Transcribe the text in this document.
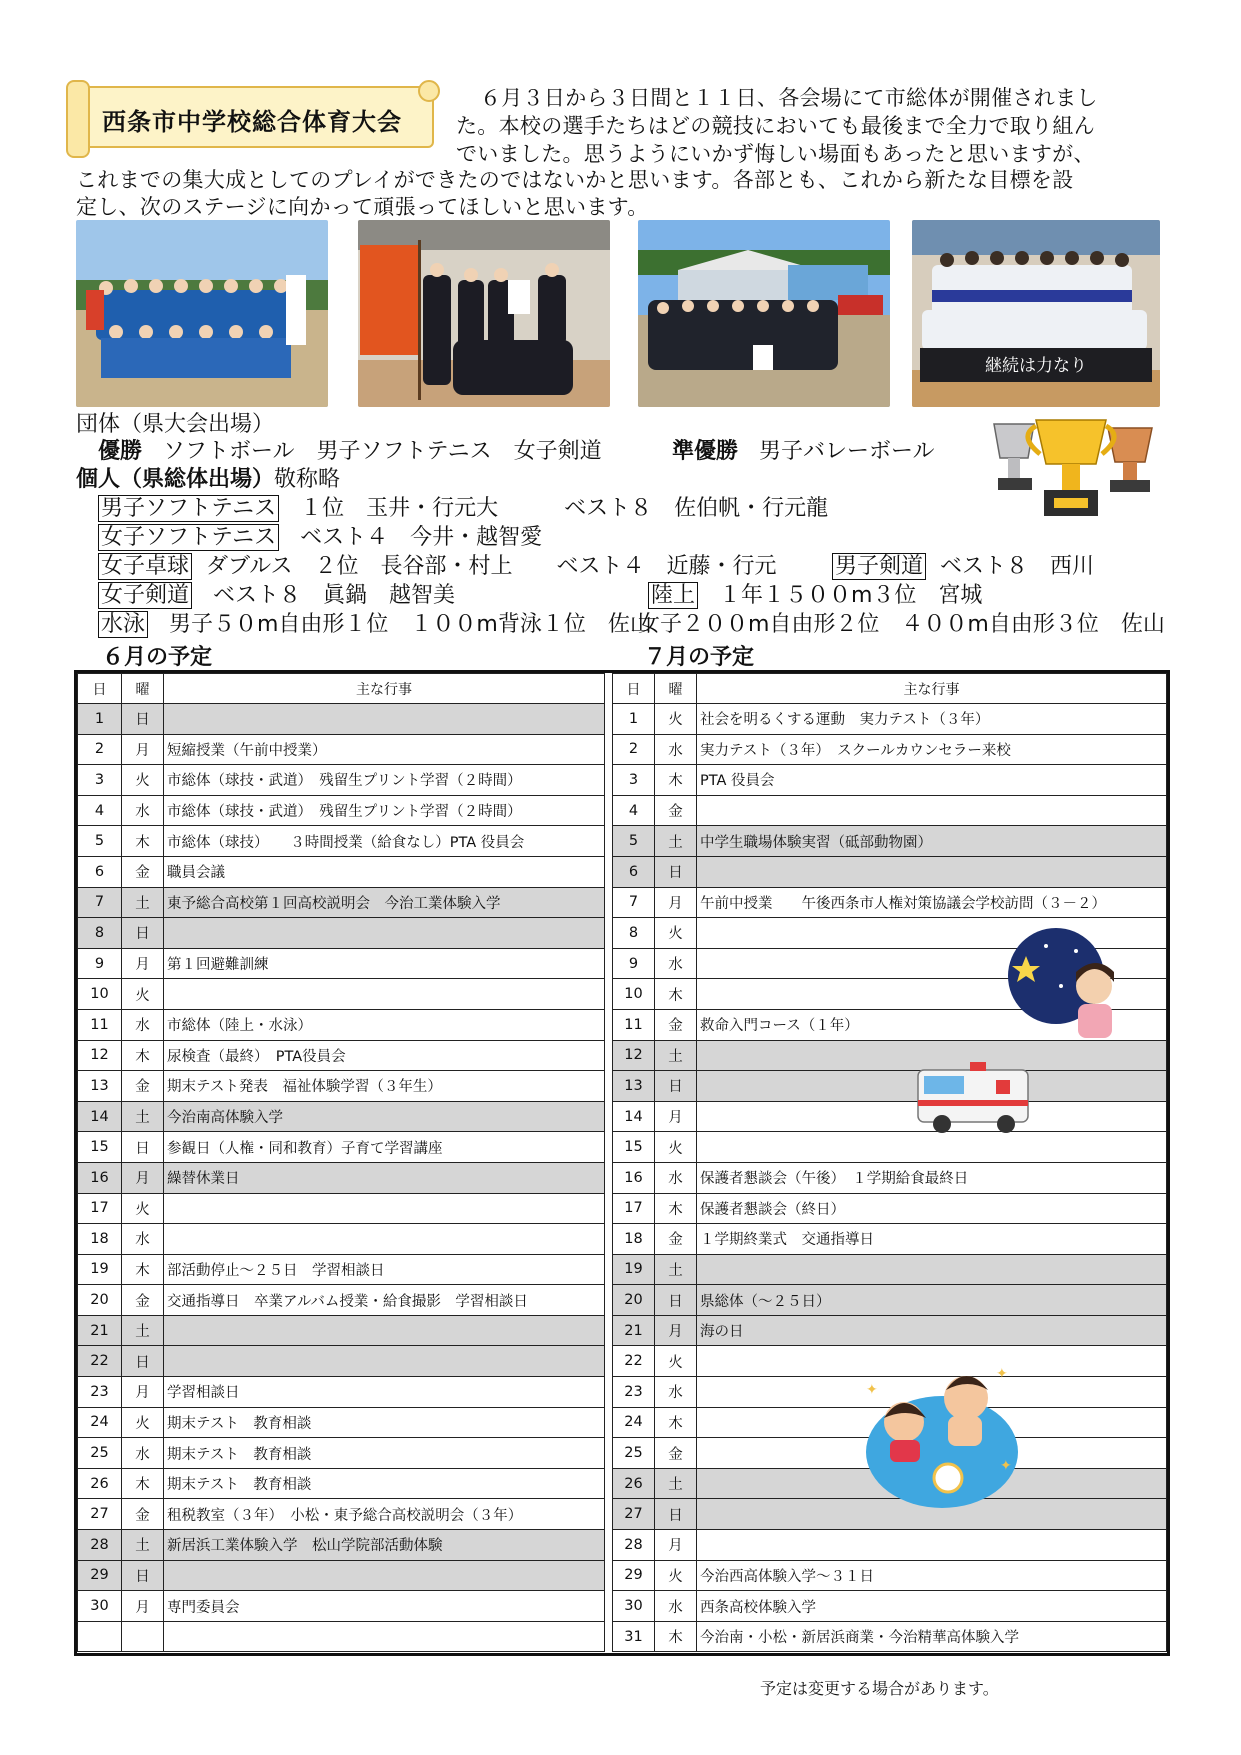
西条市中学校総合体育大会
６月３日から３日間と１１日、各会場にて市総体が開催されまし
た。本校の選手たちはどの競技においても最後まで全力で取り組ん
でいました。思うようにいかず悔しい場面もあったと思いますが、
これまでの集大成としてのプレイができたのではないかと思います。各部とも、これから新たな目標を設
定し、次のステージに向かって頑張ってほしいと思います。
継続は力なり
団体（県大会出場）
優勝 ソフトボール　男子ソフトテニス　女子剣道	準優勝 男子バレーボール
個人（県総体出場）敬称略
男子ソフトテニス １位　玉井・行元大　　　ベスト８　佐伯帆・行元龍
女子ソフトテニス ベスト４　今井・越智愛
女子卓球 ダブルス　２位　長谷部・村上　　ベスト４　近藤・行元	男子剣道 ベスト８　西川
女子剣道 ベスト８　眞鍋　越智美	陸上 １年１５００m３位　宮城
水泳 男子５０m自由形１位　１００m背泳１位　佐山
女子２００m自由形２位　４００m自由形３位　佐山
６月の予定	７月の予定
日	曜	主な行事
1	日	
2	月	短縮授業（午前中授業）
3	火	市総体（球技・武道）　残留生プリント学習（２時間）
4	水	市総体（球技・武道）　残留生プリント学習（２時間）
5	木	市総体（球技）　　３時間授業（給食なし）PTA 役員会
6	金	職員会議
7	土	東予総合高校第１回高校説明会　今治工業体験入学
8	日	
9	月	第１回避難訓練
10	火	
11	水	市総体（陸上・水泳）
12	木	尿検査（最終）　PTA役員会
13	金	期末テスト発表　福祉体験学習（３年生）
14	土	今治南高体験入学
15	日	参観日（人権・同和教育）子育て学習講座
16	月	繰替休業日
17	火	
18	水	
19	木	部活動停止～２５日　学習相談日
20	金	交通指導日　卒業アルバム授業・給食撮影　学習相談日
21	土	
22	日	
23	月	学習相談日
24	火	期末テスト　教育相談
25	水	期末テスト　教育相談
26	木	期末テスト　教育相談
27	金	租税教室（３年）　小松・東予総合高校説明会（３年）
28	土	新居浜工業体験入学　松山学院部活動体験
29	日	
30	月	専門委員会

日	曜	主な行事
1	火	社会を明るくする運動　実力テスト（３年）
2	水	実力テスト（３年）　スクールカウンセラー来校
3	木	PTA 役員会
4	金	
5	土	中学生職場体験実習（砥部動物園）
6	日	
7	月	午前中授業　　午後西条市人権対策協議会学校訪問（３－２）
8	火	
9	水	
10	木	
11	金	救命入門コース（１年）
12	土	
13	日	
14	月	
15	火	
16	水	保護者懇談会（午後）　１学期給食最終日
17	木	保護者懇談会（終日）
18	金	１学期終業式　交通指導日
19	土	
20	日	県総体（～２５日）
21	月	海の日
22	火	
23	水	
24	木	
25	金	
26	土	
27	日	
28	月	
29	火	今治西高体験入学～３１日
30	水	西条高校体験入学
31	木	今治南・小松・新居浜商業・今治精華高体験入学
✦
✦
✦
予定は変更する場合があります。
